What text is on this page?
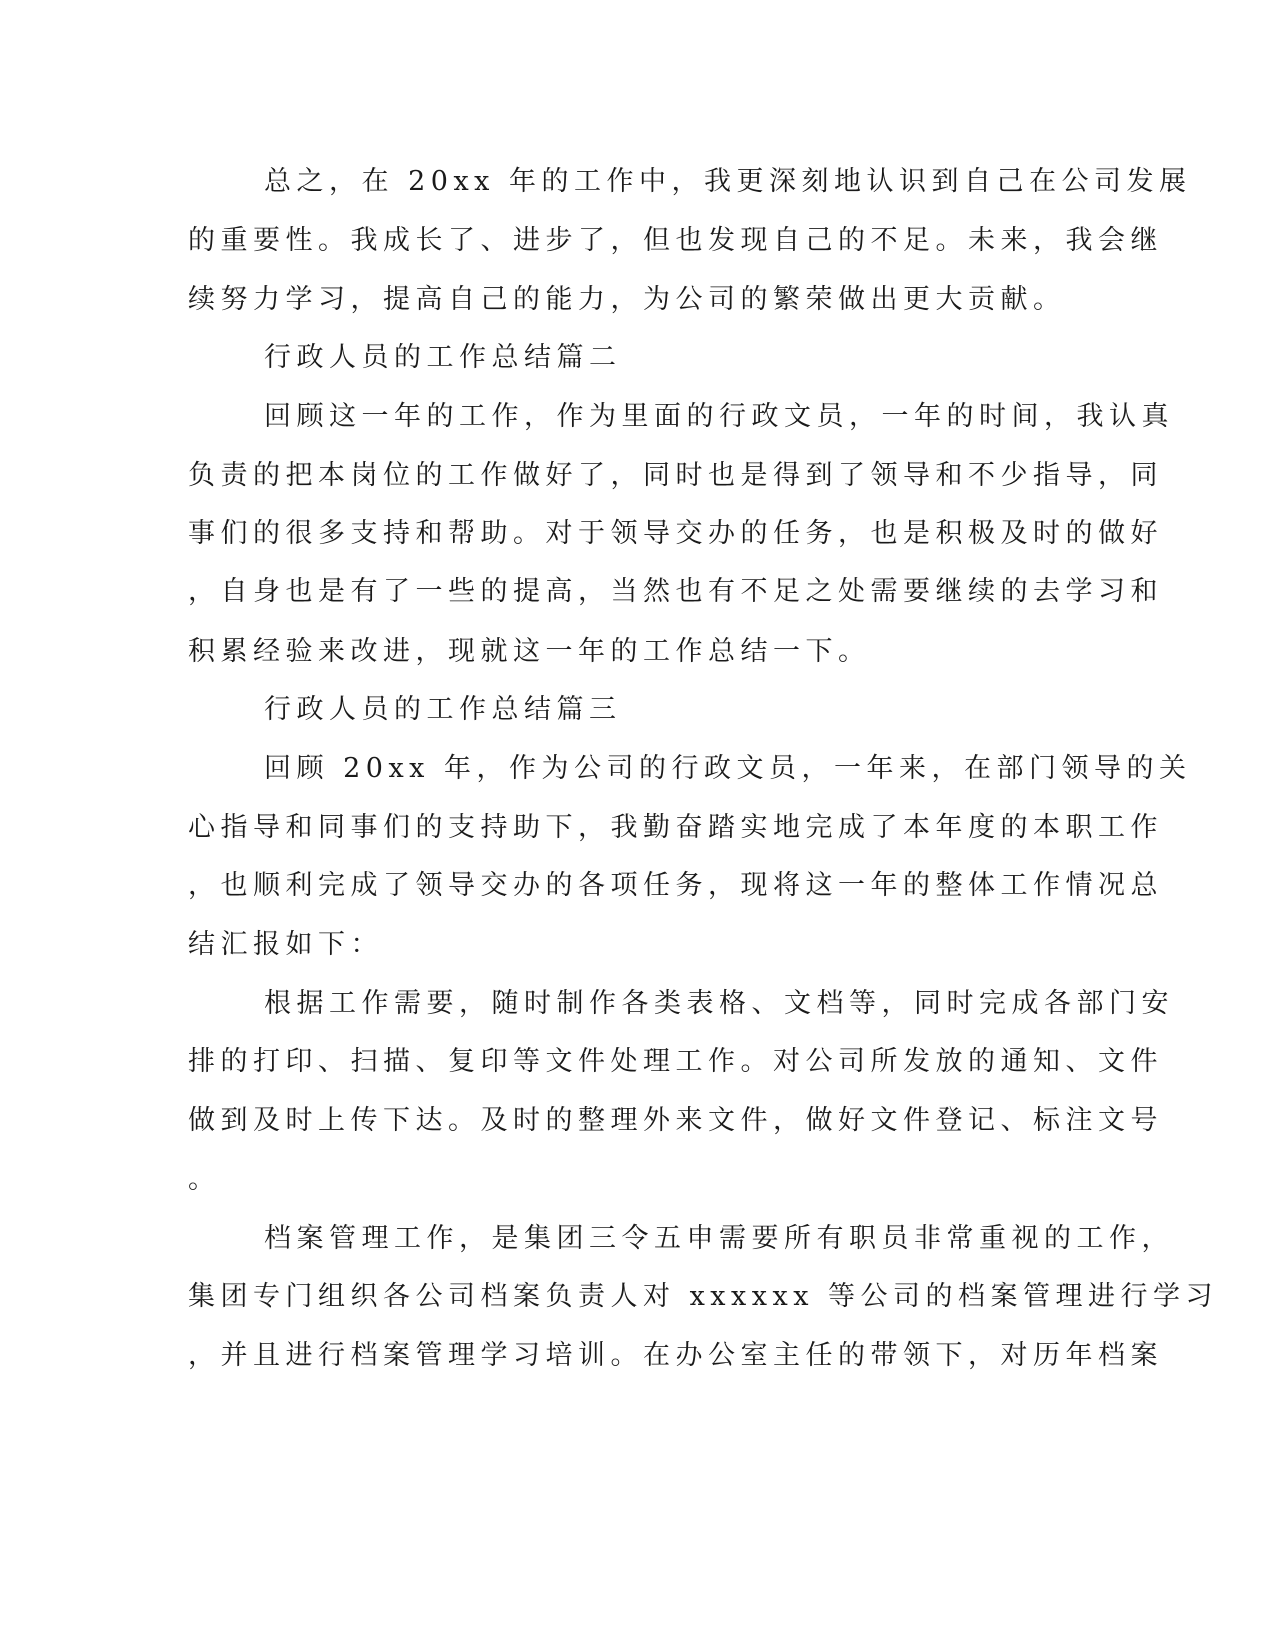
总之，在 20xx 年的工作中，我更深刻地认识到自己在公司发展

的重要性。我成长了、进步了，但也发现自己的不足。未来，我会继

续努力学习，提高自己的能力，为公司的繁荣做出更大贡献。

行政人员的工作总结篇二

回顾这一年的工作，作为里面的行政文员，一年的时间，我认真

负责的把本岗位的工作做好了，同时也是得到了领导和不少指导，同

事们的很多支持和帮助。对于领导交办的任务，也是积极及时的做好

，自身也是有了一些的提高，当然也有不足之处需要继续的去学习和

积累经验来改进，现就这一年的工作总结一下。

行政人员的工作总结篇三

回顾 20xx 年，作为公司的行政文员，一年来，在部门领导的关

心指导和同事们的支持助下，我勤奋踏实地完成了本年度的本职工作

，也顺利完成了领导交办的各项任务，现将这一年的整体工作情况总

结汇报如下：

根据工作需要，随时制作各类表格、文档等，同时完成各部门安

排的打印、扫描、复印等文件处理工作。对公司所发放的通知、文件

做到及时上传下达。及时的整理外来文件，做好文件登记、标注文号

。

档案管理工作，是集团三令五申需要所有职员非常重视的工作，

集团专门组织各公司档案负责人对 xxxxxx 等公司的档案管理进行学习

，并且进行档案管理学习培训。在办公室主任的带领下，对历年档案
